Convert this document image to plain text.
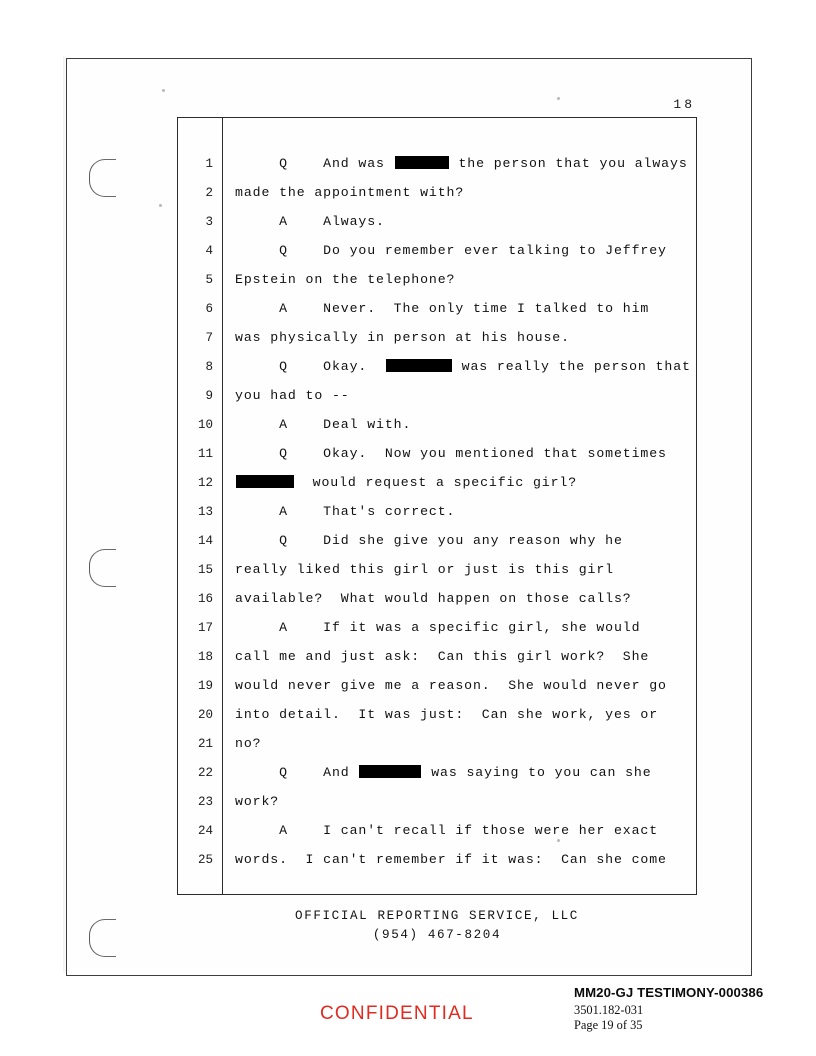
18
1	Q    And was	the person that you always
2	made the appointment with?
3	A    Always.
4	Q    Do you remember ever talking to Jeffrey
5	Epstein on the telephone?
6	A    Never.  The only time I talked to him
7	was physically in person at his house.
8	Q    Okay.	was really the person that
9	you had to --
10	A    Deal with.
11	Q    Okay.  Now you mentioned that sometimes
12	would request a specific girl?
13	A    That's correct.
14	Q    Did she give you any reason why he
15	really liked this girl or just is this girl
16	available?  What would happen on those calls?
17	A    If it was a specific girl, she would
18	call me and just ask:  Can this girl work?  She
19	would never give me a reason.  She would never go
20	into detail.  It was just:  Can she work, yes or
21	no?
22	Q    And	was saying to you can she
23	work?
24	A    I can't recall if those were her exact
25	words.  I can't remember if it was:  Can she come
OFFICIAL REPORTING SERVICE, LLC
(954) 467-8204
CONFIDENTIAL
MM20-GJ TESTIMONY-000386
3501.182-031
Page 19 of 35
